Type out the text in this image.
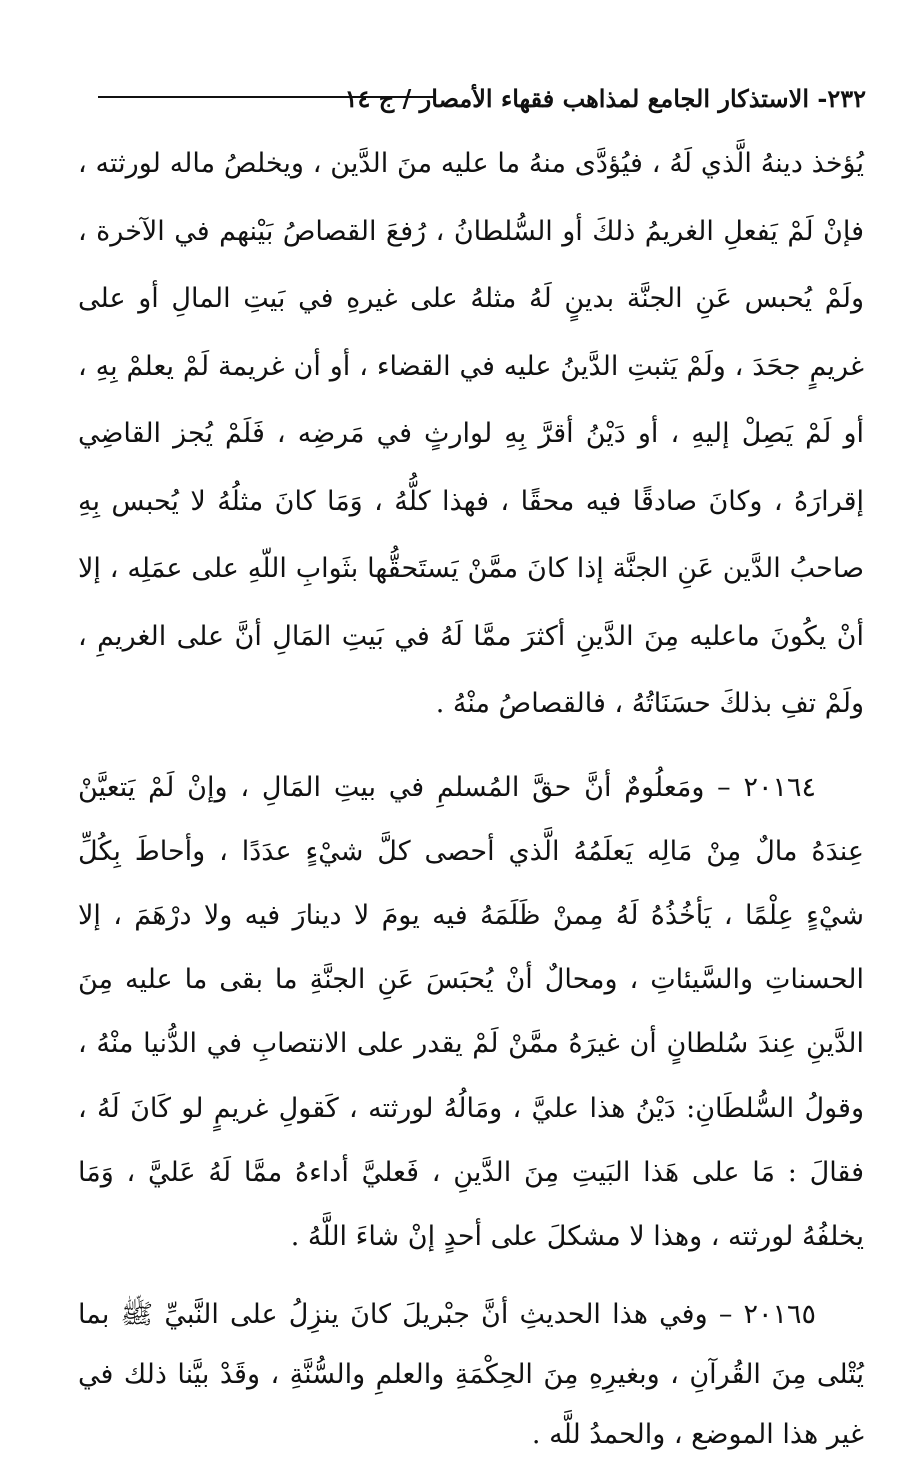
٢٣٢- الاستذكار الجامع لمذاهب فقهاء الأمصار / ج ١٤

يُؤخذ دينهُ الَّذي لَهُ ، فيُؤدَّى منهُ ما عليه منَ الدَّين ، ويخلصُ ماله لورثته ، فإنْ لَمْ يَفعلِ الغريمُ ذلكَ أو السُّلطانُ ، رُفعَ القصاصُ بَيْنهم في الآخرة ، ولَمْ يُحبس عَنِ الجنَّة بدينٍ لَهُ مثلهُ على غيرهِ في بَيتِ المالِ أو على غريمٍ جحَدَ ، ولَمْ يَثبتِ الدَّينُ عليه في القضاء ، أو أن غريمة لَمْ يعلمْ بِهِ ، أو لَمْ يَصِلْ إليهِ ، أو دَيْنُ أقرَّ بِهِ لوارثٍ في مَرضِه ، فَلَمْ يُجز القاضِي إقرارَهُ ، وكانَ صادقًا فيه محقًا ، فهذا كلُّهُ ، وَمَا كانَ مثلُهُ لا يُحبس بِهِ صاحبُ الدَّين عَنِ الجنَّة إذا كانَ ممَّنْ يَستَحقُّها بثَوابِ اللّهِ على عمَلِه ، إلا أنْ يكُونَ ماعليه مِنَ الدَّينِ أكثرَ ممَّا لَهُ في بَيتِ المَالِ أنَّ على الغريمِ ، ولَمْ تفِ بذلكَ حسَنَاتُهُ ، فالقصاصُ منْهُ .

٢٠١٦٤ – ومَعلُومٌ أنَّ حقَّ المُسلمِ في بيتِ المَالِ ، وإنْ لَمْ يَتعيَّنْ عِندَهُ مالٌ مِنْ مَالِه يَعلَمُهُ الَّذي أحصى كلَّ شيْءٍ عدَدًا ، وأحاطَ بِكُلِّ شيْءٍ عِلْمًا ، يَأخُذُهُ لَهُ مِمنْ ظَلَمَهُ فيه يومَ لا دينارَ فيه ولا درْهَمَ ، إلا الحسناتِ والسَّيئاتِ ، ومحالٌ أنْ يُحبَسَ عَنِ الجنَّةِ ما بقى ما عليه مِنَ الدَّينِ عِندَ سُلطانٍ أن غيرَهُ ممَّنْ لَمْ يقدر على الانتصابِ في الدُّنيا منْهُ ، وقولُ السُّلطَانِ: دَيْنُ هذا عليَّ ، ومَالُهُ لورثته ، كَقولِ غريمٍ لو كَانَ لَهُ ، فقالَ : مَا على هَذا البَيتِ مِنَ الدَّينِ ، فَعليَّ أداءهُ ممَّا لَهُ عَليَّ ، وَمَا يخلفُهُ لورثته ، وهذا لا مشكلَ على أحدٍ إنْ شاءَ اللَّهُ .

٢٠١٦٥ – وفي هذا الحديثِ أنَّ جبْريلَ كانَ ينزِلُ على النَّبيِّ ﷺ بما يُتْلى مِنَ القُرآنِ ، وبغيرِهِ مِنَ الحِكْمَةِ والعلمِ والسُّنَّةِ ، وقَدْ بيَّنا ذلك في غير هذا الموضع ، والحمدُ للَّه .
